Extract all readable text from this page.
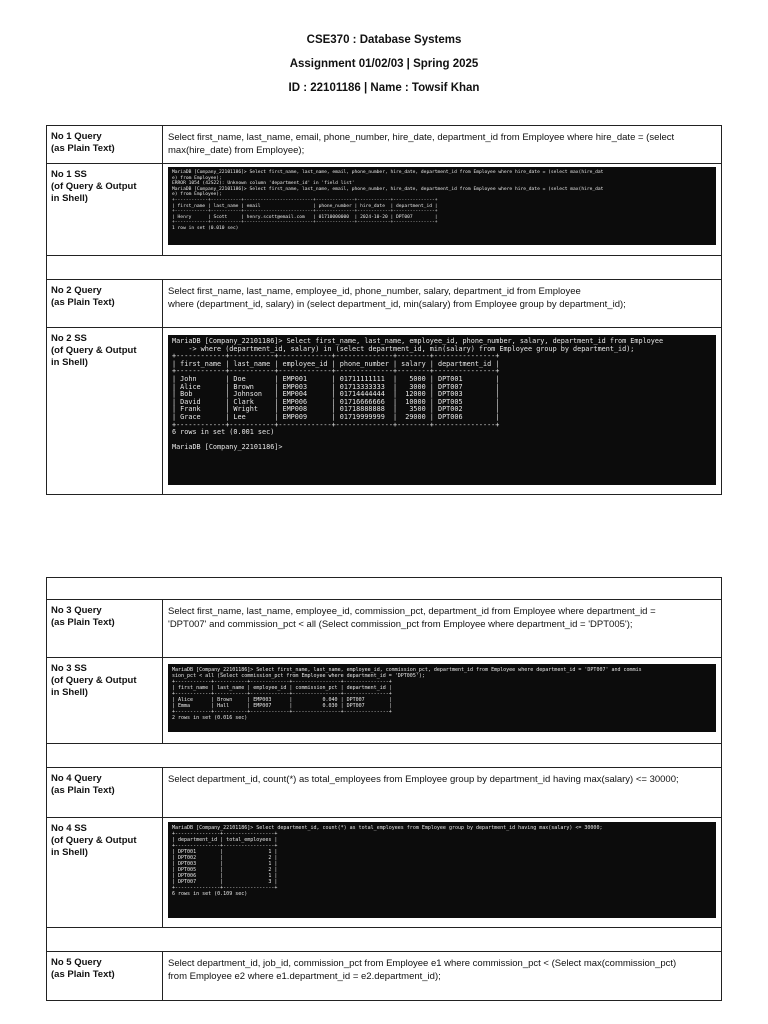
CSE370 : Database Systems
Assignment 01/02/03 | Spring 2025
ID : 22101186 | Name : Towsif Khan
No 1 Query
(as Plain Text)
Select first_name, last_name, email, phone_number, hire_date, department_id from Employee where hire_date = (select
max(hire_date) from Employee);
No 1 SS
(of Query & Output
in Shell)

MariaDB [Company_22101186]> Select first_name, last_name, email, phone_number, hire_date, department_id from Employee where hire_date = (select max(hire_dat
e) from Employee);
ERROR 1054 (42S22): Unknown column 'department_id' in 'field list'
MariaDB [Company_22101186]> Select first_name, last_name, email, phone_number, hire_date, department_id from Employee where hire_date = (select max(hire_dat
e) from Employee);
+------------+-----------+-------------------------+--------------+------------+---------------+
| first_name | last_name | email                   | phone_number | hire_date  | department_id |
+------------+-----------+-------------------------+--------------+------------+---------------+
| Henry      | Scott     | henry.scott@email.com   | 01710000000  | 2024-10-20 | DPT007        |
+------------+-----------+-------------------------+--------------+------------+---------------+
1 row in set (0.010 sec)

No 2 Query
(as Plain Text)
Select first_name, last_name, employee_id, phone_number, salary, department_id from Employee
where (department_id, salary) in (select department_id, min(salary) from Employee group by department_id);
No 2 SS
(of Query & Output
in Shell)

MariaDB [Company_22101186]> Select first_name, last_name, employee_id, phone_number, salary, department_id from Employee
-> where (department_id, salary) in (select department_id, min(salary) from Employee group by department_id);
+------------+-----------+-------------+--------------+--------+---------------+
| first_name | last_name | employee_id | phone_number | salary | department_id |
+------------+-----------+-------------+--------------+--------+---------------+
| John       | Doe       | EMP001      | 01711111111  |   5000 | DPT001        |
| Alice      | Brown     | EMP003      | 01713333333  |   3000 | DPT007        |
| Bob        | Johnson   | EMP004      | 01714444444  |  12000 | DPT003        |
| David      | Clark     | EMP006      | 01716666666  |  10000 | DPT005        |
| Frank      | Wright    | EMP008      | 01718888888  |   3500 | DPT002        |
| Grace      | Lee       | EMP009      | 01719999999  |  29000 | DPT006        |
+------------+-----------+-------------+--------------+--------+---------------+
6 rows in set (0.001 sec)

MariaDB [Company_22101186]>

No 3 Query
(as Plain Text)
Select first_name, last_name, employee_id, commission_pct, department_id from Employee where department_id =
'DPT007' and commission_pct < all (Select commission_pct from Employee where department_id = 'DPT005');
No 3 SS
(of Query & Output
in Shell)

MariaDB [Company_22101186]> Select first_name, last_name, employee_id, commission_pct, department_id from Employee where department_id = 'DPT007' and commis
sion_pct < all (Select commission_pct from Employee where department_id = 'DPT005');
+------------+-----------+-------------+----------------+---------------+
| first_name | last_name | employee_id | commission_pct | department_id |
+------------+-----------+-------------+----------------+---------------+
| Alice      | Brown     | EMP003      |          0.040 | DPT007        |
| Emma       | Hall      | EMP007      |          0.030 | DPT007        |
+------------+-----------+-------------+----------------+---------------+
2 rows in set (0.016 sec)

No 4 Query
(as Plain Text)
Select department_id, count(*) as total_employees from Employee group by department_id having max(salary) <= 30000;
No 4 SS
(of Query & Output
in Shell)

MariaDB [Company_22101186]> Select department_id, count(*) as total_employees from Employee group by department_id having max(salary) <= 30000;
+---------------+-----------------+
| department_id | total_employees |
+---------------+-----------------+
| DPT001        |               1 |
| DPT002        |               2 |
| DPT003        |               1 |
| DPT005        |               2 |
| DPT006        |               1 |
| DPT007        |               3 |
+---------------+-----------------+
6 rows in set (0.109 sec)

No 5 Query
(as Plain Text)
Select department_id, job_id, commission_pct from Employee e1 where commission_pct < (Select max(commission_pct)
from Employee e2 where e1.department_id = e2.department_id);
